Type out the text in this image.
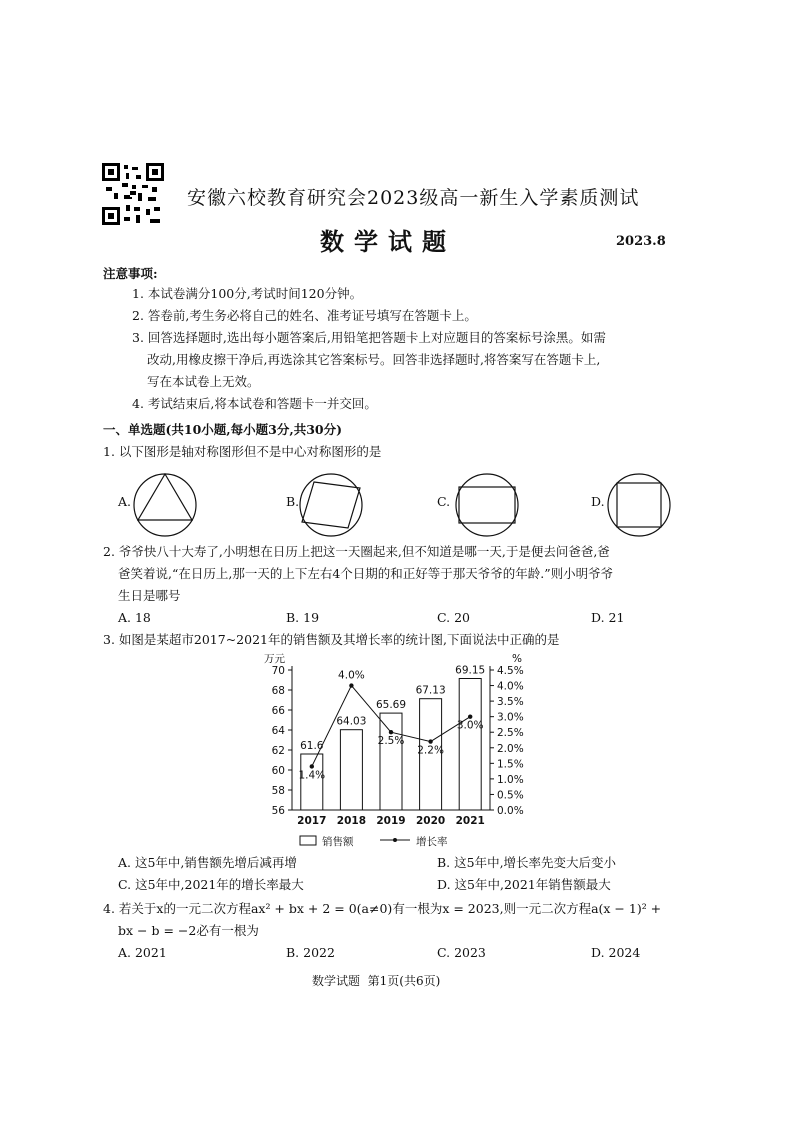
安徽六校教育研究会2023级高一新生入学素质测试
数学试题	2023.8
注意事项:
1. 本试卷满分100分,考试时间120分钟。
2. 答卷前,考生务必将自己的姓名、准考证号填写在答题卡上。
3. 回答选择题时,选出每小题答案后,用铅笔把答题卡上对应题目的答案标号涂黑。如需
改动,用橡皮擦干净后,再选涂其它答案标号。回答非选择题时,将答案写在答题卡上,
写在本试卷上无效。
4. 考试结束后,将本试卷和答题卡一并交回。
一、单选题(共10小题,每小题3分,共30分)
1. 以下图形是轴对称图形但不是中心对称图形的是
A.	B.	C.	D.
2. 爷爷快八十大寿了,小明想在日历上把这一天圈起来,但不知道是哪一天,于是便去问爸爸,爸
爸笑着说,“在日历上,那一天的上下左右4个日期的和正好等于那天爷爷的年龄.”则小明爷爷
生日是哪号
A. 18	B. 19	C. 20	D. 21
3. 如图是某超市2017~2021年的销售额及其增长率的统计图,下面说法中正确的是
56
58
60
62
64
66
68
70
0.0%
0.5%
1.0%
1.5%
2.0%
2.5%
3.0%
3.5%
4.0%
4.5%
万元	%
61.6
2017
64.03
2018
65.69
2019
67.13
2020
69.15
2021
1.4%
4.0%
2.5%
2.2%
3.0%
销售额	增长率
A. 这5年中,销售额先增后减再增	B. 这5年中,增长率先变大后变小
C. 这5年中,2021年的增长率最大	D. 这5年中,2021年销售额最大
4. 若关于x的一元二次方程ax² + bx + 2 = 0(a≠0)有一根为x = 2023,则一元二次方程a(x − 1)² +
bx − b = −2必有一根为
A. 2021	B. 2022	C. 2023	D. 2024
数学试题  第1页(共6页)
